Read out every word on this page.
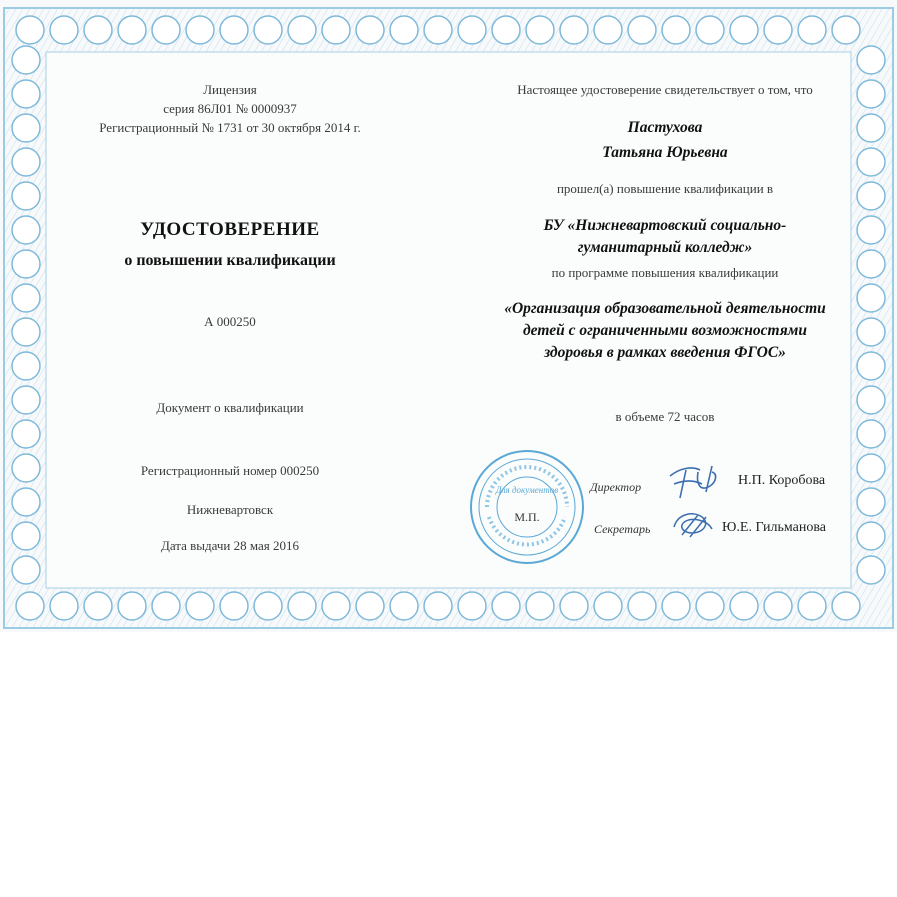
Лицензия
серия 86Л01 № 0000937
Регистрационный № 1731 от 30 октября 2014 г.
УДОСТОВЕРЕНИЕ
о повышении квалификации
А 000250
Документ о квалификации
Регистрационный номер 000250
Нижневартовск
Дата выдачи 28 мая 2016
Настоящее удостоверение свидетельствует о том, что
Пастухова
Татьяна Юрьевна
прошел(а) повышение квалификации в
БУ «Нижневартовский социально-
гуманитарный колледж»
по программе повышения квалификации
«Организация образовательной деятельности
детей с ограниченными возможностями
здоровья в рамках введения ФГОС»
в объеме 72 часов
Для документов
М.П.
Директор	Н.П. Коробова
Секретарь	Ю.Е. Гильманова
